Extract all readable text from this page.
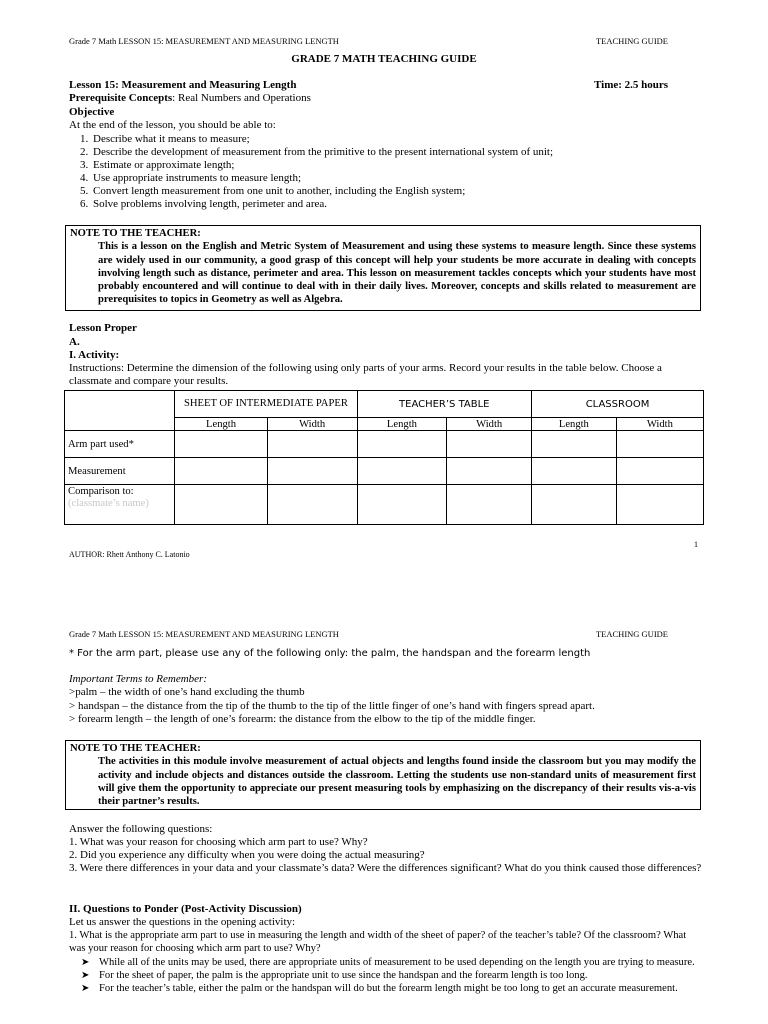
Grade 7 Math LESSON 15: MEASUREMENT AND MEASURING LENGTH	TEACHING GUIDE
GRADE 7 MATH TEACHING GUIDE
Lesson 15: Measurement and Measuring Length	Time: 2.5 hours
Prerequisite Concepts: Real Numbers and Operations
Objective
At the end of the lesson, you should be able to:
1. Describe what it means to measure;
2. Describe the development of measurement from the primitive to the present international system of unit;
3. Estimate or approximate length;
4. Use appropriate instruments to measure length;
5. Convert length measurement from one unit to another, including the English system;
6. Solve problems involving length, perimeter and area.
NOTE TO THE TEACHER:
This is a lesson on the English and Metric System of Measurement and using these systems to measure length. Since these systems are widely used in our community, a good grasp of this concept will help your students be more accurate in dealing with concepts involving length such as distance, perimeter and area. This lesson on measurement tackles concepts which your students have most probably encountered and will continue to deal with in their daily lives. Moreover, concepts and skills related to measurement are prerequisites to topics in Geometry as well as Algebra.
Lesson Proper
A.
I. Activity:
Instructions: Determine the dimension of the following using only parts of your arms. Record your results in the table below. Choose a classmate and compare your results.
	SHEET OF INTERMEDIATE PAPER		TEACHER’S TABLE		CLASSROOM	
	Length	Width	Length	Width	Length	Width
Arm part used*						
Measurement						

Comparison to:
(classmate’s name)						

1
AUTHOR: Rhett Anthony C. Latonio
Grade 7 Math LESSON 15: MEASUREMENT AND MEASURING LENGTH	TEACHING GUIDE
* For the arm part, please use any of the following only: the palm, the handspan and the forearm length
Important Terms to Remember:
>palm – the width of one’s hand excluding the thumb
> handspan – the distance from the tip of the thumb to the tip of the little finger of one’s hand with fingers spread apart.
> forearm length – the length of one’s forearm: the distance from the elbow to the tip of the middle finger.
NOTE TO THE TEACHER:
The activities in this module involve measurement of actual objects and lengths found inside the classroom but you may modify the activity and include objects and distances outside the classroom. Letting the students use non-standard units of measurement first will give them the opportunity to appreciate our present measuring tools by emphasizing on the discrepancy of their results vis-a-vis their partner’s results.
Answer the following questions:
1. What was your reason for choosing which arm part to use? Why?
2. Did you experience any difficulty when you were doing the actual measuring?
3. Were there differences in your data and your classmate’s data? Were the differences significant? What do you think caused those differences?
II. Questions to Ponder (Post-Activity Discussion)
Let us answer the questions in the opening activity:
1. What is the appropriate arm part to use in measuring the length and width of the sheet of paper? of the teacher’s table? Of the classroom? What was your reason for choosing which arm part to use? Why?
➤ While all of the units may be used, there are appropriate units of measurement to be used depending on the length you are trying to measure.
➤ For the sheet of paper, the palm is the appropriate unit to use since the handspan and the forearm length is too long.
➤ For the teacher’s table, either the palm or the handspan will do but the forearm length might be too long to get an accurate measurement.
